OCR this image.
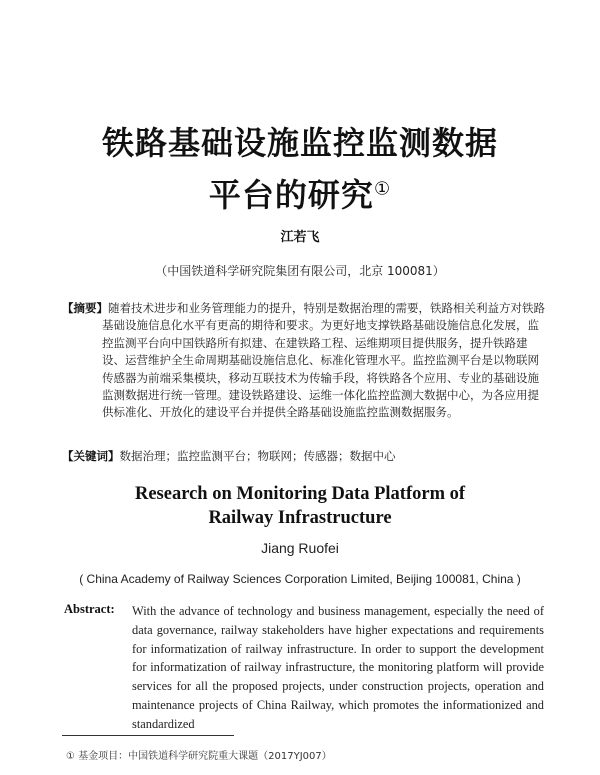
铁路基础设施监控监测数据
平台的研究①
江若飞
（中国铁道科学研究院集团有限公司，北京 100081）
【摘要】随着技术进步和业务管理能力的提升，特别是数据治理的需要，铁路相关利益方对铁路基础设施信息化水平有更高的期待和要求。为更好地支撑铁路基础设施信息化发展，监控监测平台向中国铁路所有拟建、在建铁路工程、运维期项目提供服务，提升铁路建设、运营维护全生命周期基础设施信息化、标准化管理水平。监控监测平台是以物联网传感器为前端采集模块，移动互联技术为传输手段，将铁路各个应用、专业的基础设施监测数据进行统一管理。建设铁路建设、运维一体化监控监测大数据中心，为各应用提供标准化、开放化的建设平台并提供全路基础设施监控监测数据服务。
【关键词】数据治理；监控监测平台；物联网；传感器；数据中心
Research on Monitoring Data Platform of
Railway Infrastructure
Jiang Ruofei
( China Academy of Railway Sciences Corporation Limited, Beijing 100081, China )
Abstract: With the advance of technology and business management, especially the need of data governance, railway stakeholders have higher expectations and requirements for informatization of railway infrastructure. In order to support the development for informatization of railway infrastructure, the monitoring platform will provide services for all the proposed projects, under construction projects, operation and maintenance projects of China Railway, which promotes the informationized and standardized
① 基金项目：中国铁道科学研究院重大课题（2017YJ007）
